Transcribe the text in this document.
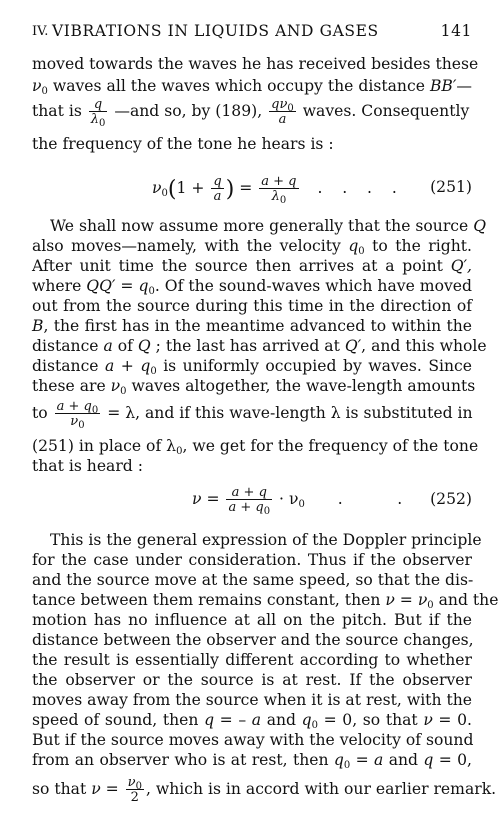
IV. VIBRATIONS IN LIQUIDS AND GASES	141
moved towards the waves he has received besides these
$\nu_0$ waves all the waves which occupy the distance BB′—
that is $\frac{q}{\lambda_0}$ —and so, by (189), $\frac{q\nu_0}{a}$ waves. Consequently
the frequency of the tone he hears is :
$\nu_0(1 + \frac{q}{a}$ ) = $\frac{a + q}{\lambda_0}$ .    .    .    . (251)
We shall now assume more generally that the source Q
also moves—namely, with the velocity $q_0$ to the right.
After unit time the source then arrives at a point Q′,
where $QQ' = q_0$. Of the sound-waves which have moved
out from the source during this time in the direction of
B, the first has in the meantime advanced to within the
distance a of Q ; the last has arrived at Q′, and this whole
distance $a + q_0$ is uniformly occupied by waves. Since
these are $\nu_0$ waves altogether, the wave-length amounts
to $\frac{a + q_0}{\nu_0} = \lambda$, and if this wave-length λ is substituted in
(251) in place of $\lambda_0$, we get for the frequency of the tone
that is heard :
$\nu = \frac{a + q}{a + q_0} \cdot \nu_0$ .           . (252)
This is the general expression of the Doppler principle
for the case under consideration. Thus if the observer
and the source move at the same speed, so that the dis-
tance between them remains constant, then $\nu = \nu_0$ and the
motion has no influence at all on the pitch. But if the
distance between the observer and the source changes,
the result is essentially different according to whether
the observer or the source is at rest. If the observer
moves away from the source when it is at rest, with the
speed of sound, then q = – a and $q_0 = 0$, so that ν = 0.
But if the source moves away with the velocity of sound
from an observer who is at rest, then $q_0 = a$ and q = 0,
so that $\nu = \frac{\nu_0}{2}$ , which is in accord with our earlier remark.
